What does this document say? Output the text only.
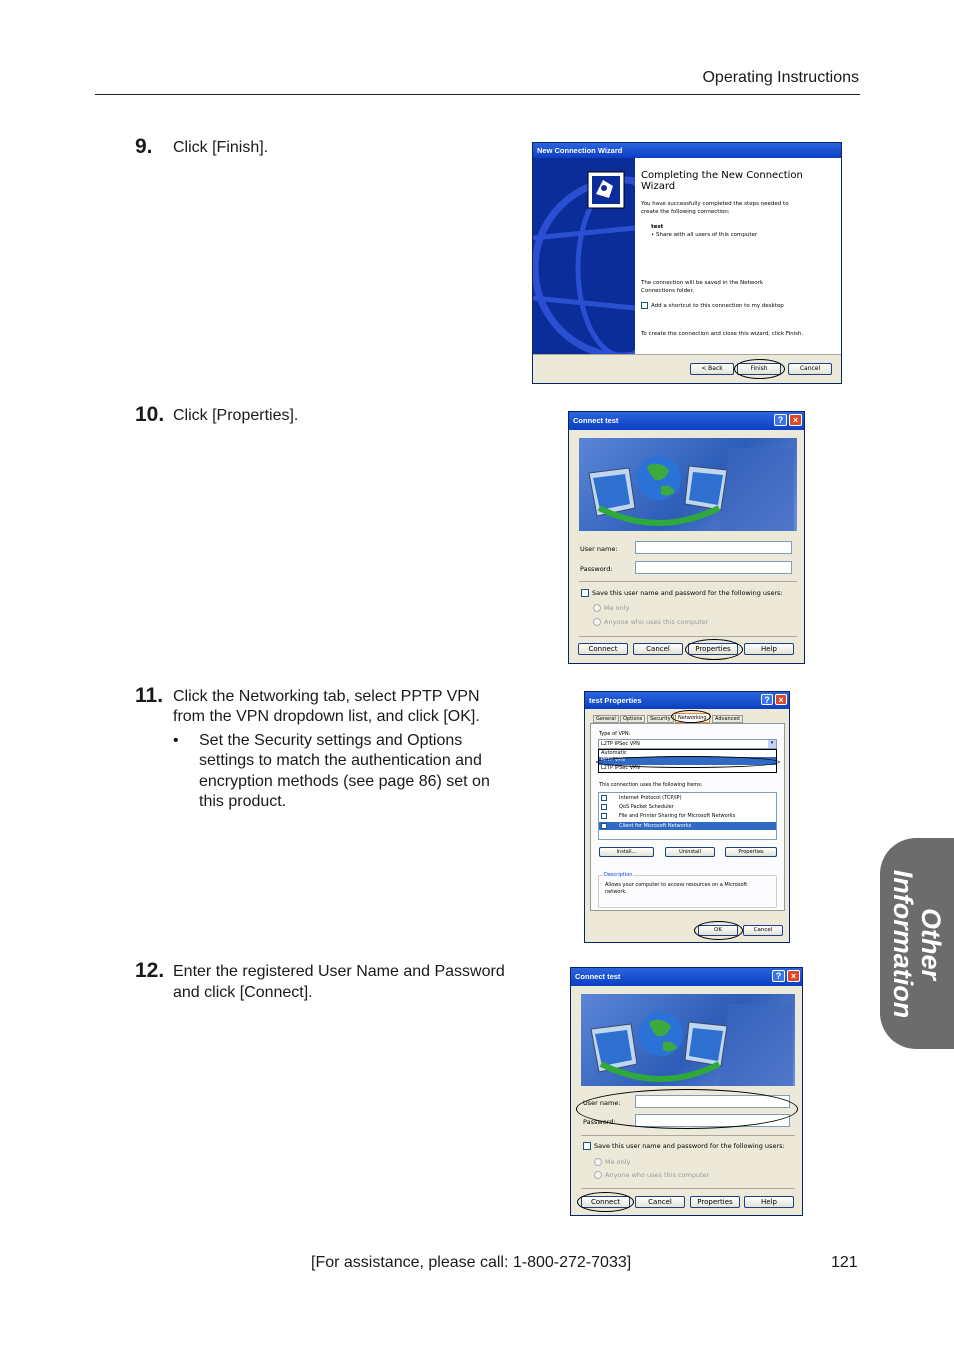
Operating Instructions
Other
Information
9. Click [Finish].	New Connection Wizard
Completing the New Connection
Wizard
You have successfully completed the steps needed to
create the following connection:
test
• Share with all users of this computer
The connection will be saved in the Network
Connections folder.
Add a shortcut to this connection to my desktop
To create the connection and close this wizard, click Finish.
< Back	Finish	Cancel
10. Click [Properties].	Connect test	?	×
User name:
Password:
Save this user name and password for the following users:
Me only
Anyone who uses this computer
Connect	Cancel	Properties	Help
11. Click the Networking tab, select PPTP VPN
from the VPN dropdown list, and click [OK].
• Set the Security settings and Options
settings to match the authentication and
encryption methods (see page 86) set on
this product.
test Properties	? ×
General	Options	Security	Networking	Advanced
Type of VPN:
L2TP IPSec VPN	▾
Automatic
PPTP VPN
L2TP IPSec VPN
This connection uses the following items:
Internet Protocol (TCP/IP)
QoS Packet Scheduler
File and Printer Sharing for Microsoft Networks
Client for Microsoft Networks
Install...	Uninstall	Properties
Description
Allows your computer to access resources on a Microsoft
network.
OK	Cancel
12. Enter the registered User Name and Password
and click [Connect].
Connect test	?	×
User name:
Password:
Save this user name and password for the following users:
Me only
Anyone who uses this computer
Connect	Cancel	Properties	Help
[For assistance, please call: 1-800-272-7033]	121
